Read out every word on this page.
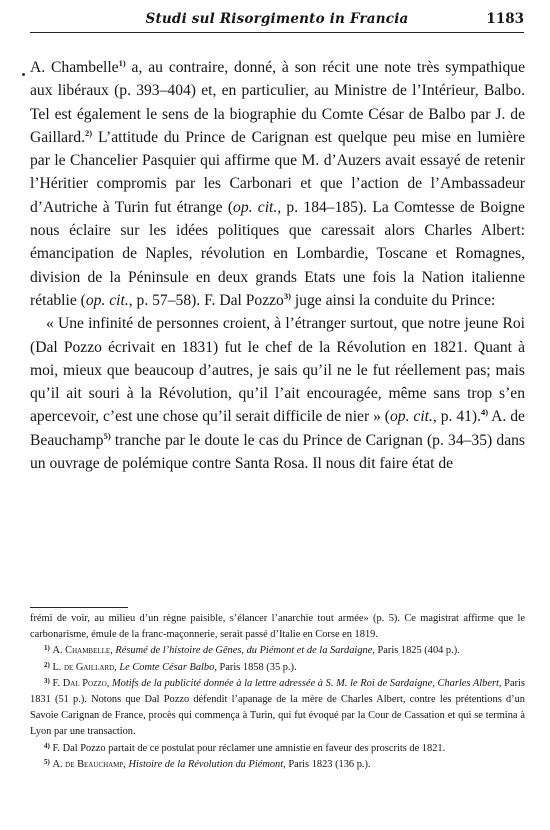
Studi sul Risorgimento in Francia	1183

A. Chambelle$^{1)}$ a, au contraire, donné, à son récit une note très sympathique aux libéraux (p. 393–404) et, en particulier, au Ministre de l’Intérieur, Balbo. Tel est également le sens de la biographie du Comte César de Balbo par J. de Gaillard.$^{2)}$ L’attitude du Prince de Carignan est quelque peu mise en lumière par le Chancelier Pasquier qui affirme que M. d’Auzers avait essayé de retenir l’Héritier compromis par les Carbonari et que l’action de l’Ambassadeur d’Autriche à Turin fut étrange (op. cit., p. 184–185). La Comtesse de Boigne nous éclaire sur les idées politiques que caressait alors Charles Albert: émancipation de Naples, révolution en Lombardie, Toscane et Romagnes, division de la Péninsule en deux grands Etats une fois la Nation italienne rétablie (op. cit., p. 57–58). F. Dal Pozzo$^{3)}$ juge ainsi la conduite du Prince:

« Une infinité de personnes croient, à l’étranger surtout, que notre jeune Roi (Dal Pozzo écrivait en 1831) fut le chef de la Révolution en 1821. Quant à moi, mieux que beaucoup d’autres, je sais qu’il ne le fut réellement pas; mais qu’il ait souri à la Révolution, qu’il l’ait encouragée, même sans trop s’en apercevoir, c’est une chose qu’il serait difficile de nier » (op. cit., p. 41).$^{4)}$ A. de Beauchamp$^{5)}$ tranche par le doute le cas du Prince de Carignan (p. 34–35) dans un ouvrage de polémique contre Santa Rosa. Il nous dit faire état de

frémi de voir, au milieu d’un règne paisible, s’élancer l’anarchie tout armée» (p. 5). Ce magistrat affirme que le carbonarisme, émule de la franc-maçonnerie, serait passé d’Italie en Corse en 1819.

$^{1)}$ A. Chambelle, Résumé de l’histoire de Gênes, du Piémont et de la Sardaigne, Paris 1825 (404 p.).

$^{2)}$ L. de Gaillard, Le Comte César Balbo, Paris 1858 (35 p.).

$^{3)}$ F. Dal Pozzo, Motifs de la publicité donnée à la lettre adressée à S. M. le Roi de Sardaigne, Charles Albert, Paris 1831 (51 p.). Notons que Dal Pozzo défendit l’apanage de la mère de Charles Albert, contre les prétentions d’un Savoie Carignan de France, procès qui commença à Turin, qui fut évoqué par la Cour de Cassation et qui se termina à Lyon par une transaction.

$^{4)}$ F. Dal Pozzo partait de ce postulat pour réclamer une amnistie en faveur des proscrits de 1821.

$^{5)}$ A. de Beauchamp, Histoire de la Révolution du Piémont, Paris 1823 (136 p.).
